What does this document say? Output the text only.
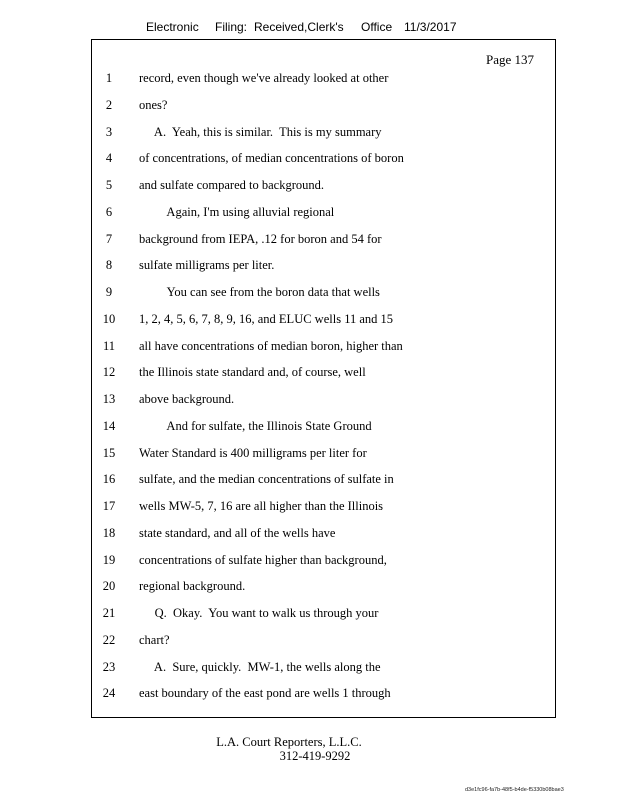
Electronic Filing: Received,Clerk's Office 11/3/2017
Page 137
1	record, even though we've already looked at other
2	ones?
3	A.  Yeah, this is similar.  This is my summary
4	of concentrations, of median concentrations of boron
5	and sulfate compared to background.
6	Again, I'm using alluvial regional
7	background from IEPA, .12 for boron and 54 for
8	sulfate milligrams per liter.
9	You can see from the boron data that wells
10	1, 2, 4, 5, 6, 7, 8, 9, 16, and ELUC wells 11 and 15
11	all have concentrations of median boron, higher than
12	the Illinois state standard and, of course, well
13	above background.
14	And for sulfate, the Illinois State Ground
15	Water Standard is 400 milligrams per liter for
16	sulfate, and the median concentrations of sulfate in
17	wells MW-5, 7, 16 are all higher than the Illinois
18	state standard, and all of the wells have
19	concentrations of sulfate higher than background,
20	regional background.
21	Q.  Okay.  You want to walk us through your
22	chart?
23	A.  Sure, quickly.  MW-1, the wells along the
24	east boundary of the east pond are wells 1 through
L.A. Court Reporters, L.L.C.
312-419-9292
d3e1fc96-fa7b-48f5-b4de-f5330b08bae3
